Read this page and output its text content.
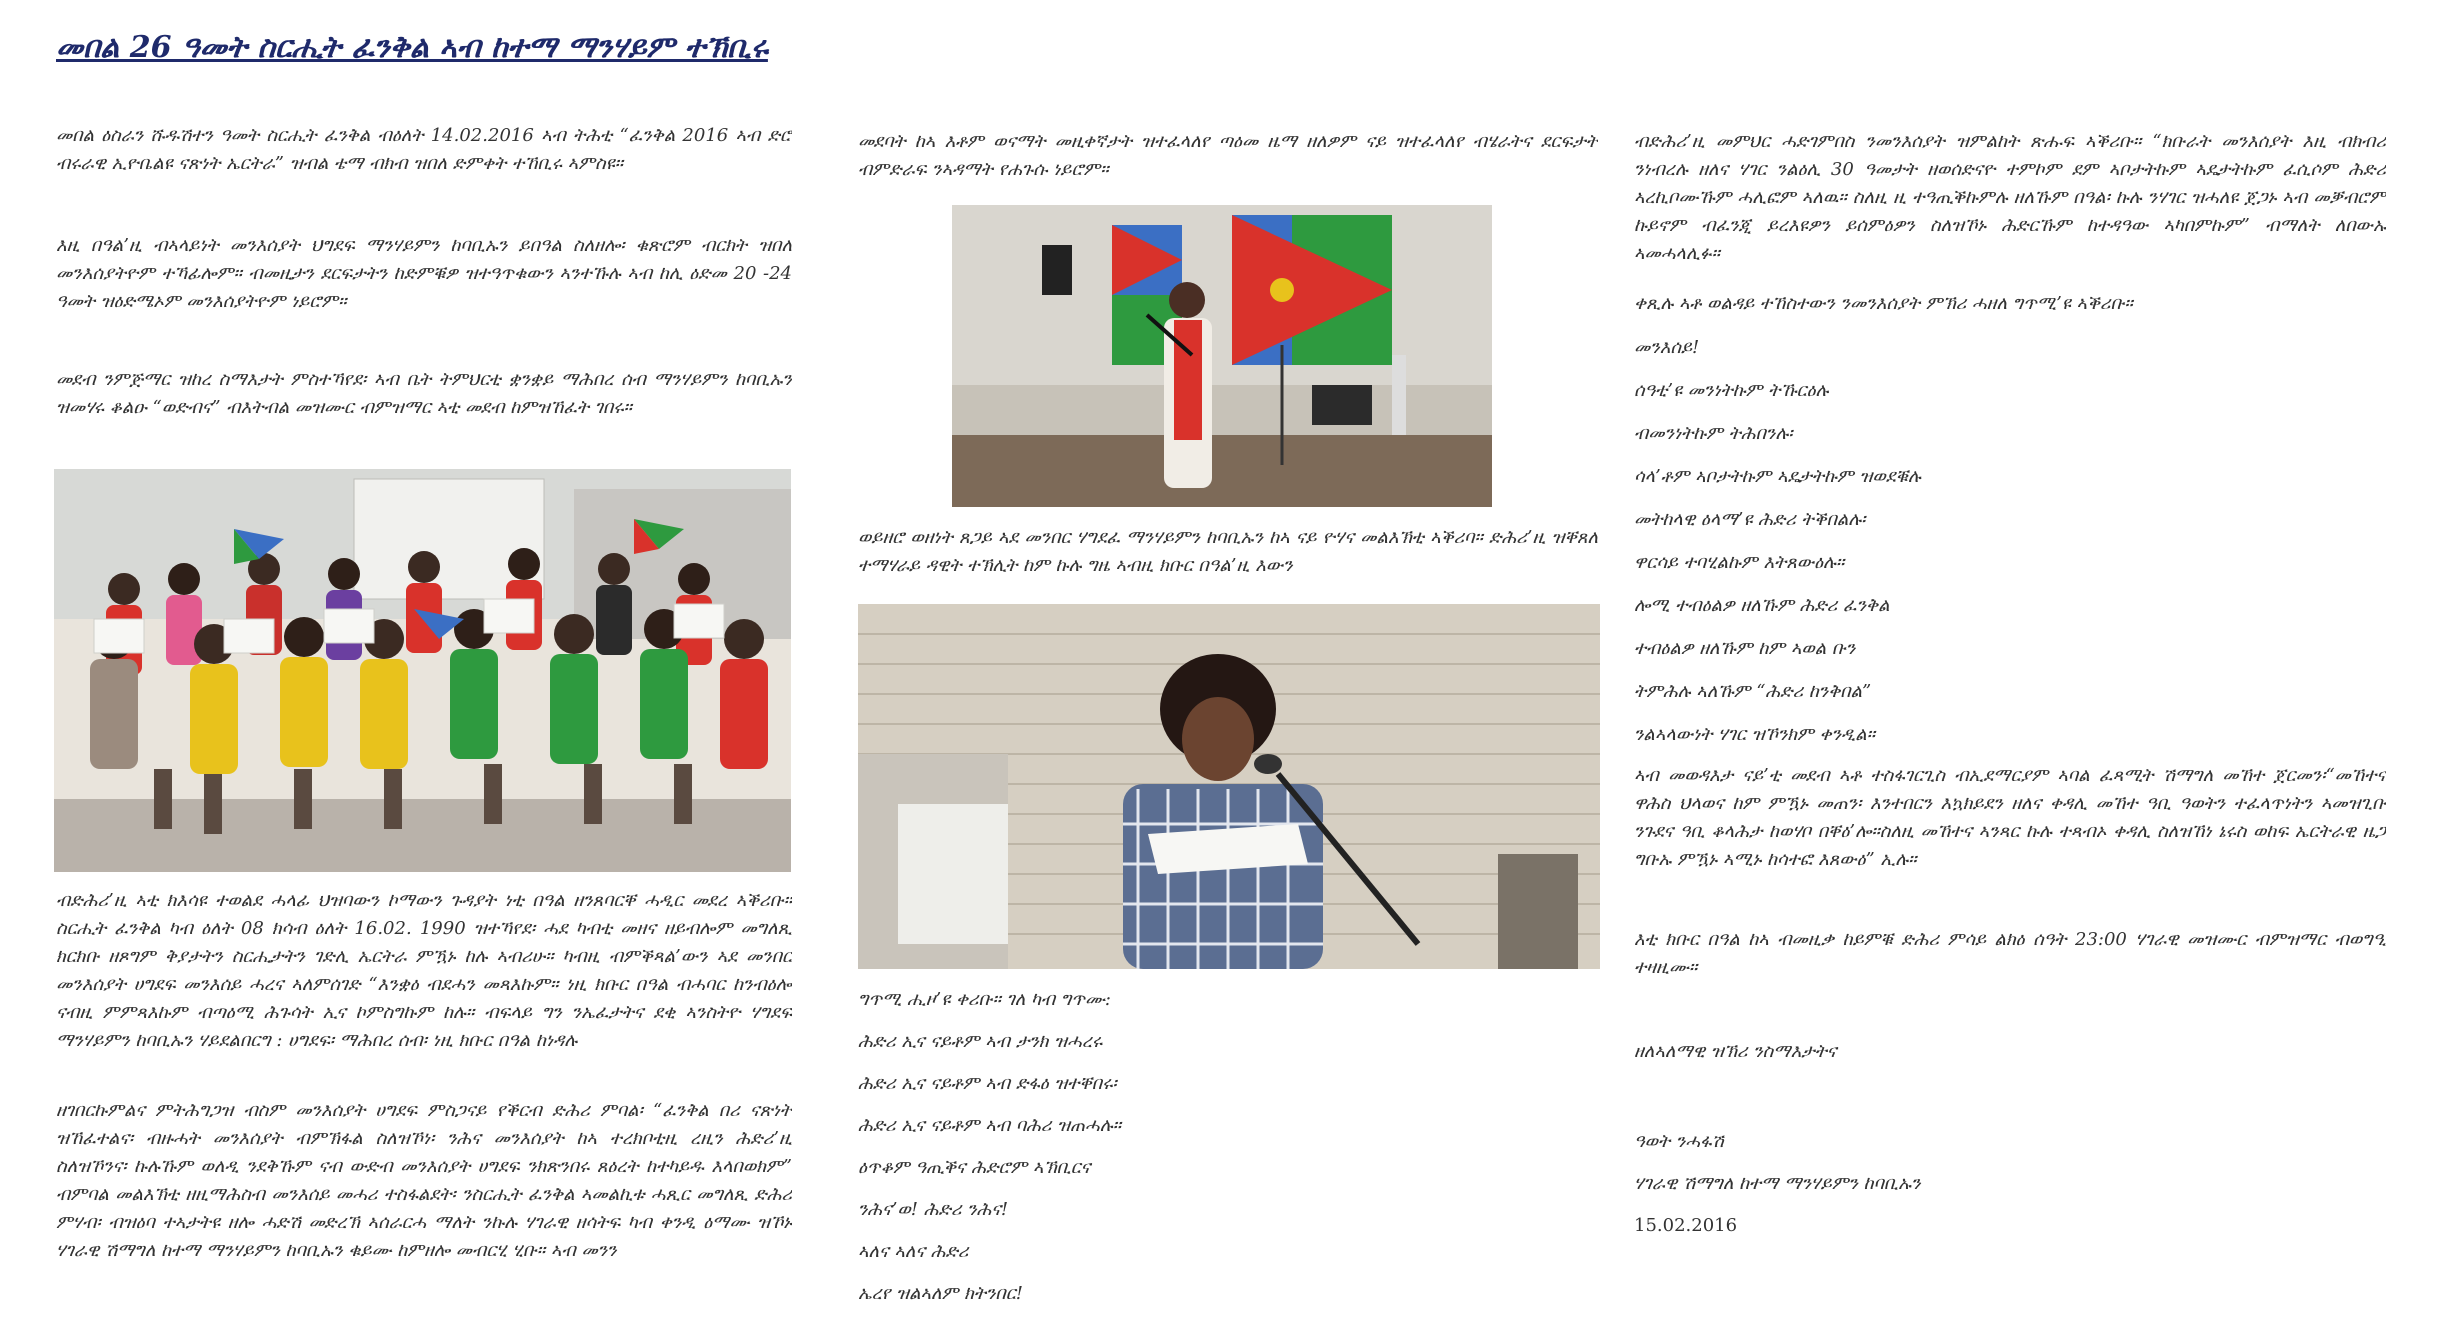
መበል 26 ዓመት ስርሒት ፈንቅል ኣብ ከተማ ማንሃይም ተኽቢሩ

መበል ዕስራን ሹዱሽተን ዓመት ስርሒት ፈንቅል ብዕለት 14.02.2016 ኣብ ትሕቲ “ፈንቅል 2016 ኣብ ድሮ ብሩራዊ ኢዮቤልዩ ናጽነት ኤርትራ” ዝብል ቴማ ብክብ ዝበለ ድምቀት ተኸቢሩ ኣምስዩ።

እዚ በዓል’ዚ ብኣላይነት መንእሰያት ህግደፍ ማንሃይምን ከባቢኡን ይበዓል ስለዘሎ፡ ቁጽሮም ብርክት ዝበለ መንእሰያትዮም ተኻፊሎም። ብመዚታን ደርፍታትን ከድምቑዎ ዝተዓጥቁውን ኣንተኹሉ ኣብ ከሊ ዕድመ 20 -24 ዓመት ዝዕድሜኦም መንእሰያትዮም ነይሮም።

መደብ ንምጅማር ዝከረ ስማእታት ምስተኻየደ፡ ኣብ ቤት ትምህርቲ ቋንቋይ ማሕበረ ሰብ ማንሃይምን ከባቢኡን ዝመሃሩ ቆልዑ “ወድብና” ብእትብል መዝሙር ብምዝማር ኣቲ መደብ ከምዝኸፈት ገበሩ።

ብድሕሪ’ዚ ኣቲ ክእሳዩ ተወልደ ሓላፊ ህዝባውን ኮማውን ጉዳያት ነቲ በዓል ዘንጸባርቐ ሓዲር መደረ ኣቕሪቡ። ስርሒት ፈንቅል ካብ ዕለት 08 ክሳብ ዕለት 16.02. 1990 ዝተኻየደ፡ ሓደ ካብቲ መዘና ዘይብሎም መግለጺ ክርክቡ ዘጾግም ቅያታትን ስርሒታትን ገድሊ ኤርትራ ምዃኑ ከሉ ኣብሪሁ። ካብዚ ብምቕጻል’ውን ኣደ መንበር መንእሰያት ሀግደፍ መንእሰይ ሓረና ኣለምሰገድ “እንቋዕ ብደሓን መጻእኩም። ነዚ ክቡር በዓል ብሓባር ከንብዕሎ ናብዚ ምምጻእኩም ብጣዕሚ ሕጉሳት ኢና ኮምስግኩም ከሉ። ብፍላይ ግን ንኤፈታትና ደቂ ኣንስትዮ ሃግደፍ ማንሃይምን ከባቢኡን ሃይደልበርግ : ሀግደፍ፡ ማሕበረ ሰብ፡ ነዚ ክቡር በዓል ከነዳሉ

ዘገበርኩምልና ምትሕግጋዝ ብስም መንእሰያት ሀግደፍ ምስጋናይ የቕርብ ድሕሪ ምባል፡ “ፈንቅል በሪ ናጽነት ዝኸፈተልና፡ ብዙሓት መንእሰያት ብምኽፋል ስለዝኾነ፡ ንሕና መንእሰያት ከኣ ተረክቦቲዚ ረዚን ሕድሪ’ዚ ስለዝኾንና፡ ኩሉኹም ወለዲ ንደቅኹም ናብ ውድብ መንእሰያት ሀግደፍ ንክጽንበሩ ጸዕረት ከተካይዱ እላበወክም” ብምባል መልእኽቲ ዘዚማሕስብ መንእሰይ መሓሪ ተስፋልደት፡ ንስርሒት ፈንቅል ኣመልኪቱ ሓጺር መግለጺ ድሕሪ ምሃብ፡ ብዝዕባ ተኣታትዩ ዘሎ ሓድሽ መድረኽ ኣሰራርሓ ማለት ንኩሉ ሃገራዊ ዘሳትፍ ካብ ቀንዲ ዕማሙ ዝኾኑ ሃገራዊ ሽማግለ ከተማ ማንሃይምን ከባቢኡን ቁይሙ ከምዘሎ መብርሂ ሂቡ። ኣብ መንን

መደባት ከኣ እቶም ወናማት መዚቀኛታት ዝተፈላለየ ጣዕመ ዜማ ዘለዎም ናይ ዝተፈላለየ ብሄራትና ደርፍታት ብምድራፍ ንኣዳማት የሐጉሱ ነይሮም።

ወይዘሮ ወዘነት ጸጋይ ኣደ መንበር ሃግደፈ ማንሃይምን ከባቢኡን ከኣ ናይ ዮሃና መልእኽቲ ኣቕሪባ። ድሕሪ’ዚ ዝቐጸለ ተማሃራይ ዳዊት ተኽሊት ከም ኩሉ ግዜ ኣብዚ ክቡር በዓል’ዚ እውን

ግጥሚ ሒዞ’ዩ ቀሪቡ። ገለ ካብ ግጥሙ:

ሕድሪ ኢና ናይቶም ኣብ ታንክ ዝሓረሩ

ሕድሪ ኢና ናይቶም ኣብ ድፋዕ ዝተቐበሩ፡

ሕድሪ ኢና ናይቶም ኣብ ባሕሪ ዝጠሓሉ።

ዕጥቆም ዓጢቕና ሕድሮም ኣኽቢርና

ንሕና’ወ! ሕድሪ ንሕና!

ኣለና ኣለና ሕድሪ

ኤረየ ዝልኣለም ክትንበር!

ብድሕሪ’ዚ መምህር ሓድገምበስ ንመንእሰያት ዝምልከት ጽሑፍ ኣቕሪቡ። “ክቡራት መንእሰያት እዚ ብክብሪ ንነብረሉ ዘለና ሃገር ንልዕሊ 30 ዓመታት ዘወሰድናዮ ተምኮም ደም ኣቦታትኩም ኣዴታትኩም ፈሲሶም ሕድሪ ኣረኪቦሙኹም ሓሊፎም ኣለዉ። ስለዚ ዚ ተዓጢቕኩምሉ ዘለኹም በዓል፡ ኩሉ ንሃገር ዝሓለዩ ጀጋኑ ኣብ መቓብሮም ኩይኖም ብፈንጂ ይረእዩዎን ይሰምዕዎን ስለዝኾኑ ሕድርኹም ከተዳዓው ኣካበምኩም” ብማለት ለበውኡ ኣመሓላሊፉ።

ቀጺሉ ኣቶ ወልዳይ ተኸስተውን ንመንእሰያት ምኽሪ ሓዘለ ግጥሚ’ዩ ኣቕሪቡ።

መንእሰይ!

ሰዓቲ’ዩ መንነትኩም ትኹርዕሉ

ብመንነትኩም ትሕበንሉ፡

ሳላ’ቶም ኣቦታትኩም ኣዴታትኩም ዝወደቑሉ

መትከላዊ ዕላማ’ዩ ሕድሪ ትቕበልሉ፡

ዋርሳይ ተባሂልኩም እትጸውዕሉ።

ሎሚ ተብዕልዎ ዘለኹም ሕድሪ ፈንቅል

ተብዕልዎ ዘለኹም ከም ኣወል ቡን

ትምሕሉ ኣለኹም “ሕድሪ ከንቅበል”

ንልኣላውነት ሃገር ዝኾንክም ቀንዲል።

ኣብ መወዳእታ ናይ’ቲ መደብ ኣቶ ተስፋገርጊስ ብኢደማርያም ኣባል ፈጻሚት ሽማግለ መኸተ ጀርመን፡“መኸተና ዋሕስ ህላወና ከም ምዃኑ መጠን፡ እንተበርን እኳክይደን ዘለና ቀዳሊ መኸተ ዓቢ ዓወትን ተፈላጥነትን ኣመዝጊቡ ንጉደና ዓቢ ቆላሕታ ከወሃቦ በቐዕ’ሎ።ስለዚ መኸተና ኣንጻር ኩሉ ተጻብኦ ቀዳሊ ስለዝኸነ ኔሩስ ወከፍ ኤርትራዊ ዜጋ ግቡኡ ምዃኑ ኣሚኑ ከሳተፎ እጸውዕ” ኢሉ።

እቲ ክቡር በዓል ከኣ ብመዚቃ ከይምቑ ድሕሪ ምሳይ ልክዕ ሰዓት 23:00 ሃገራዊ መዝሙር ብምዝማር ብወግዒ ተዛዚሙ።

ዘለኣለማዊ ዝኽሪ ንስማእታትና

ዓወት ንሓፋሽ

ሃገራዊ ሽማግለ ከተማ ማንሃይምን ከባቢኡን

15.02.2016
